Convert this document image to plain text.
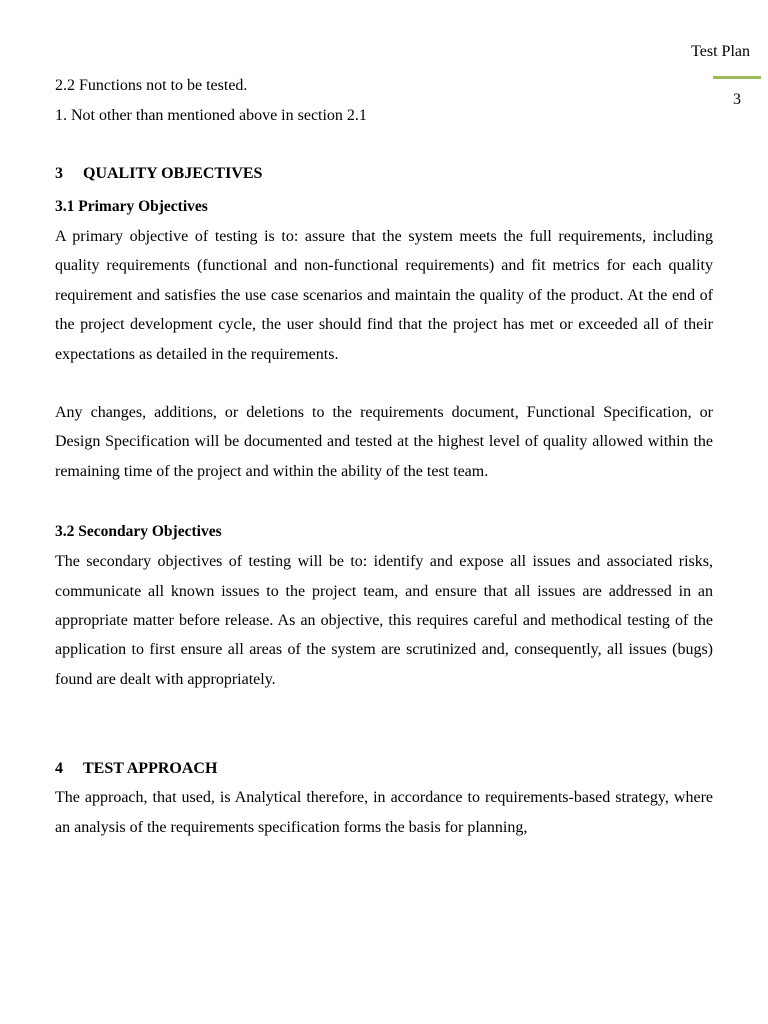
Test Plan
3

2.2 Functions not to be tested.

1. Not other than mentioned above in section 2.1

3 QUALITY OBJECTIVES
3.1 Primary Objectives

A primary objective of testing is to: assure that the system meets the full requirements, including quality requirements (functional and non-functional requirements) and fit metrics for each quality requirement and satisfies the use case scenarios and maintain the quality of the product. At the end of the project development cycle, the user should find that the project has met or exceeded all of their expectations as detailed in the requirements.

Any changes, additions, or deletions to the requirements document, Functional Specification, or Design Specification will be documented and tested at the highest level of quality allowed within the remaining time of the project and within the ability of the test team.

3.2 Secondary Objectives

The secondary objectives of testing will be to: identify and expose all issues and associated risks, communicate all known issues to the project team, and ensure that all issues are addressed in an appropriate matter before release. As an objective, this requires careful and methodical testing of the application to first ensure all areas of the system are scrutinized and, consequently, all issues (bugs) found are dealt with appropriately.

4 TEST APPROACH

The approach, that used, is Analytical therefore, in accordance to requirements-based strategy, where an analysis of the requirements specification forms the basis for planning,
